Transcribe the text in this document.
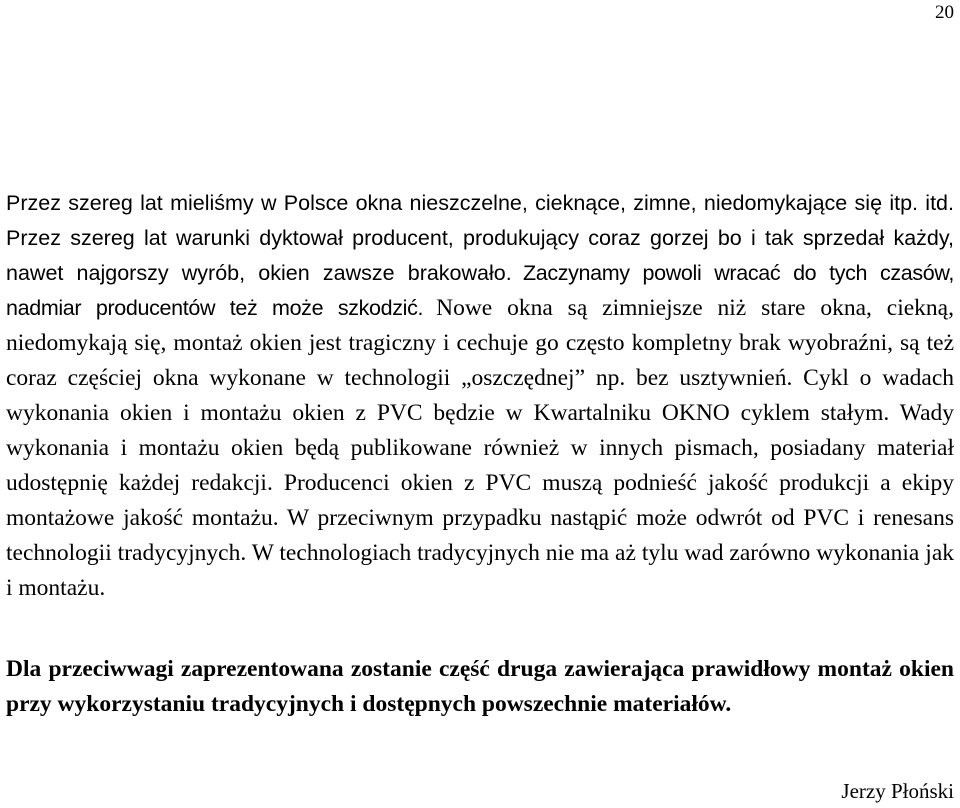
20

Przez szereg lat mieliśmy w Polsce okna nieszczelne, cieknące, zimne, niedomykające się itp. itd. Przez szereg lat warunki dyktował producent, produkujący coraz gorzej bo i tak sprzedał każdy, nawet najgorszy wyrób, okien zawsze brakowało. Zaczynamy powoli wracać do tych czasów, nadmiar producentów też może szkodzić. Nowe okna są zimniejsze niż stare okna, ciekną, niedomykają się, montaż okien jest tragiczny i cechuje go często kompletny brak wyobraźni, są też coraz częściej okna wykonane w technologii „oszczędnej” np. bez usztywnień. Cykl o wadach wykonania okien i montażu okien z PVC będzie w Kwartalniku OKNO cyklem stałym. Wady wykonania i montażu okien będą publikowane również w innych pismach, posiadany materiał udostępnię każdej redakcji. Producenci okien z PVC muszą podnieść jakość produkcji a ekipy montażowe jakość montażu. W przeciwnym przypadku nastąpić może odwrót od PVC i renesans technologii tradycyjnych. W technologiach tradycyjnych nie ma aż tylu wad zarówno wykonania jak i montażu.

Dla przeciwwagi zaprezentowana zostanie część druga zawierająca prawidłowy montaż okien przy wykorzystaniu tradycyjnych i dostępnych powszechnie materiałów.

Jerzy Płoński
